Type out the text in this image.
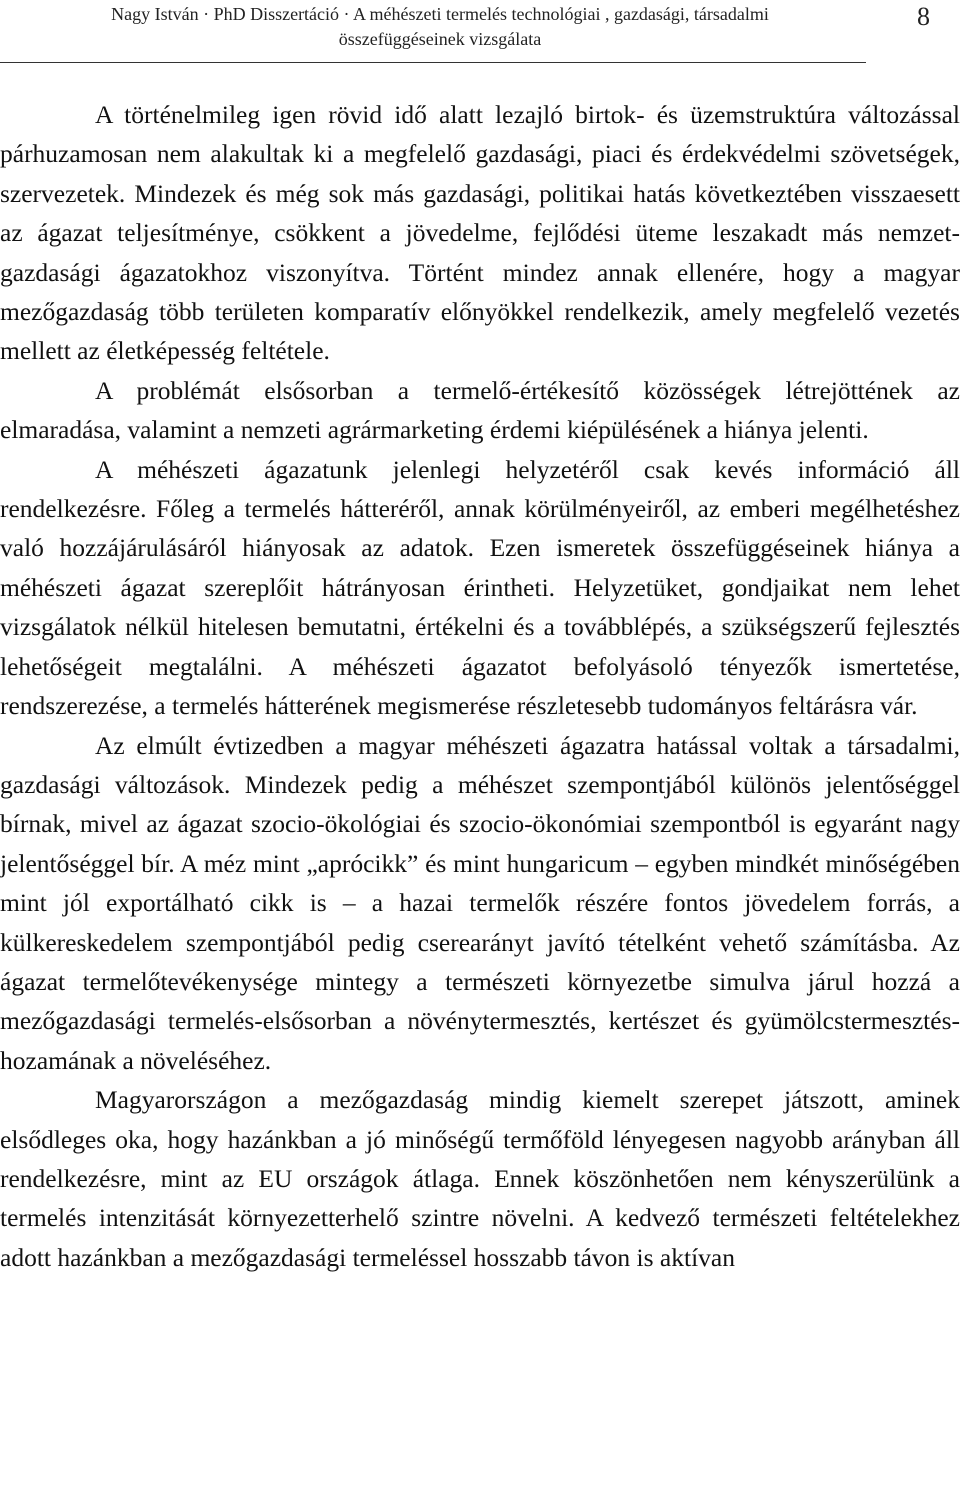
Nagy István · PhD Disszertáció · A méhészeti termelés technológiai , gazdasági, társadalmi
összefüggéseinek vizsgálata
8

A történelmileg igen rövid idő alatt lezajló birtok- és üzemstruktúra változással párhuzamosan nem alakultak ki a megfelelő gazdasági, piaci és érdekvédelmi szövetségek, szervezetek. Mindezek és még sok más gazdasági, politikai hatás következtében visszaesett az ágazat teljesítménye, csökkent a jövedelme, fejlődési üteme leszakadt más nemzetgazdasági ágazatokhoz viszonyítva. Történt mindez annak ellenére, hogy a magyar mezőgazdaság több területen komparatív előnyökkel rendelkezik, amely megfelelő vezetés mellett az életképesség feltétele.

A problémát elsősorban a termelő-értékesítő közösségek létrejöttének az elmaradása, valamint a nemzeti agrármarketing érdemi kiépülésének a hiánya jelenti.

A méhészeti ágazatunk jelenlegi helyzetéről csak kevés információ áll rendelkezésre. Főleg a termelés hátteréről, annak körülményeiről, az emberi megélhetéshez való hozzájárulásáról hiányosak az adatok. Ezen ismeretek összefüggéseinek hiánya a méhészeti ágazat szereplőit hátrányosan érintheti. Helyzetüket, gondjaikat nem lehet vizsgálatok nélkül hitelesen bemutatni, értékelni és a továbblépés, a szükségszerű fejlesztés lehetőségeit megtalálni. A méhészeti ágazatot befolyásoló tényezők ismertetése, rendszerezése, a termelés hátterének megismerése részletesebb tudományos feltárásra vár.

Az elmúlt évtizedben a magyar méhészeti ágazatra hatással voltak a társadalmi, gazdasági változások. Mindezek pedig a méhészet szempontjából különös jelentőséggel bírnak, mivel az ágazat szocio-ökológiai és szocio-ökonómiai szempontból is egyaránt nagy jelentőséggel bír. A méz mint „aprócikk” és mint hungaricum – egyben mindkét minőségében mint jól exportálható cikk is – a hazai termelők részére fontos jövedelem forrás, a külkereskedelem szempontjából pedig cserearányt javító tételként vehető számításba. Az ágazat termelőtevékenysége mintegy a természeti környezetbe simulva járul hozzá a mezőgazdasági termelés-elsősorban a növénytermesztés, kertészet és gyümölcstermesztés-hozamának a növeléséhez.

Magyarországon a mezőgazdaság mindig kiemelt szerepet játszott, aminek elsődleges oka, hogy hazánkban a jó minőségű termőföld lényegesen nagyobb arányban áll rendelkezésre, mint az EU országok átlaga. Ennek köszönhetően nem kényszerülünk a termelés intenzitását környezetterhelő szintre növelni. A kedvező természeti feltételekhez adott hazánkban a mezőgazdasági termeléssel hosszabb távon is aktívan
